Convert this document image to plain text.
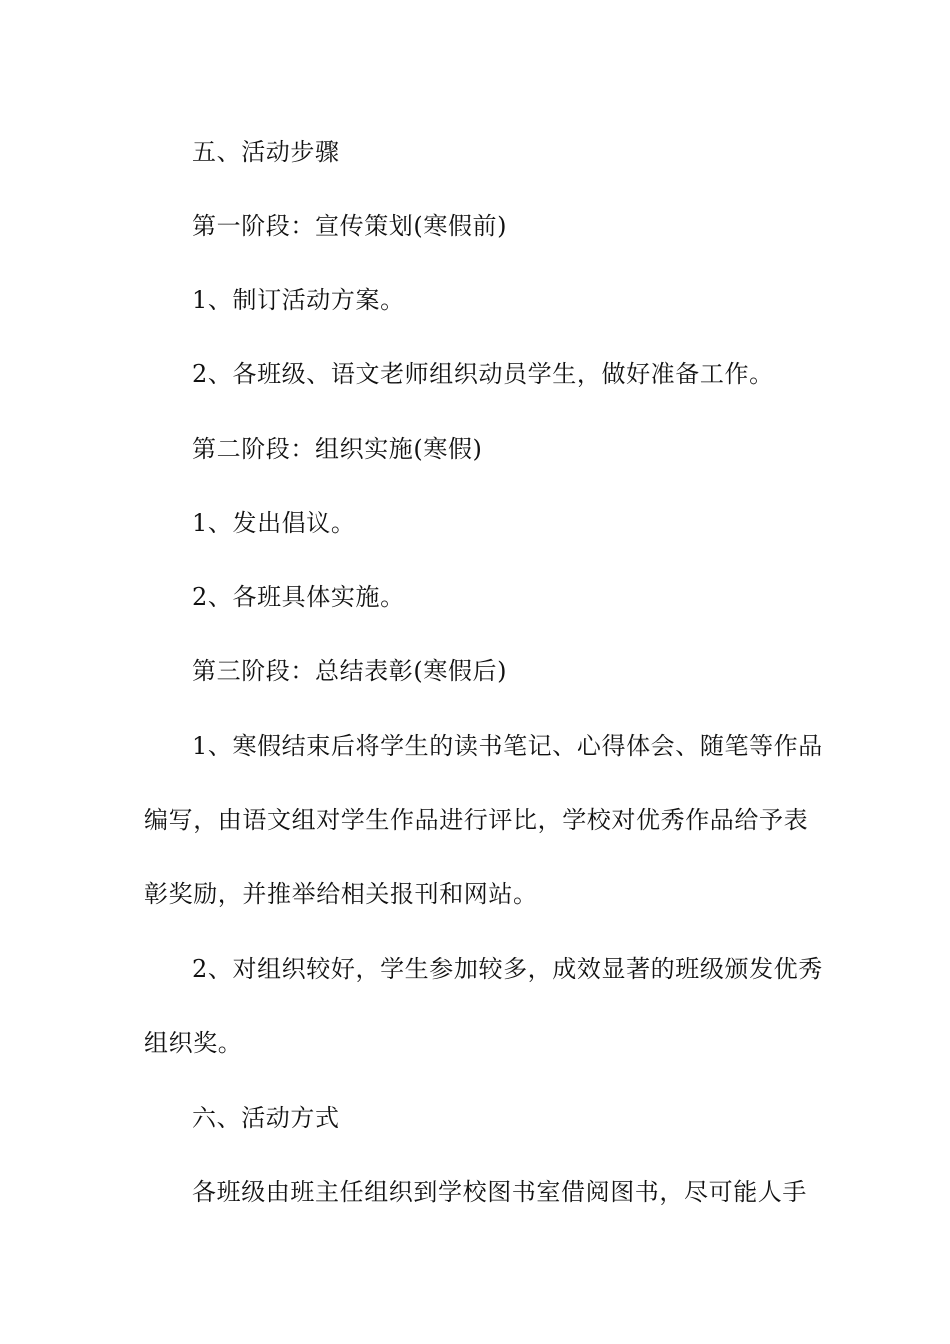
五、活动步骤
第一阶段：宣传策划(寒假前)
1、制订活动方案。
2、各班级、语文老师组织动员学生，做好准备工作。
第二阶段：组织实施(寒假)
1、发出倡议。
2、各班具体实施。
第三阶段：总结表彰(寒假后)
1、寒假结束后将学生的读书笔记、心得体会、随笔等作品
编写，由语文组对学生作品进行评比，学校对优秀作品给予表
彰奖励，并推举给相关报刊和网站。
2、对组织较好，学生参加较多，成效显著的班级颁发优秀
组织奖。
六、活动方式
各班级由班主任组织到学校图书室借阅图书，尽可能人手
